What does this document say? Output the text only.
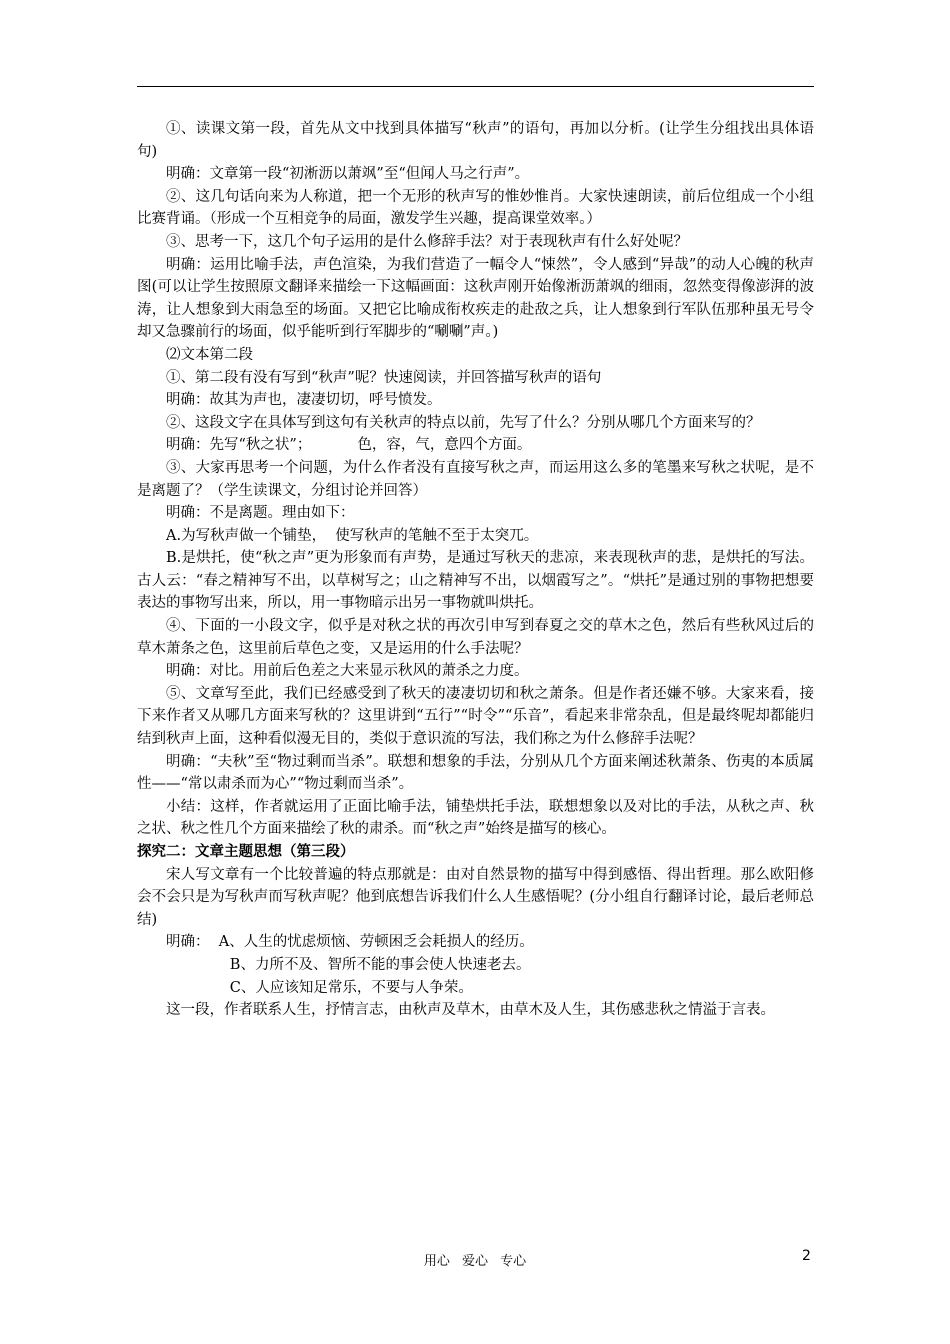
①、读课文第一段，首先从文中找到具体描写“秋声”的语句，再加以分析。(让学生分组找出具体语句)

明确：文章第一段“初淅沥以萧飒”至“但闻人马之行声”。

②、这几句话向来为人称道，把一个无形的秋声写的惟妙惟肖。大家快速朗读，前后位组成一个小组比赛背诵。（形成一个互相竞争的局面，激发学生兴趣，提高课堂效率。）

③、思考一下，这几个句子运用的是什么修辞手法？对于表现秋声有什么好处呢？

明确：运用比喻手法，声色渲染，为我们营造了一幅令人“悚然”，令人感到“异哉”的动人心魄的秋声图(可以让学生按照原文翻译来描绘一下这幅画面：这秋声刚开始像淅沥萧飒的细雨，忽然变得像澎湃的波涛，让人想象到大雨急至的场面。又把它比喻成衔枚疾走的赴敌之兵，让人想象到行军队伍那种虽无号令却又急骤前行的场面，似乎能听到行军脚步的“唰唰”声。)

⑵文本第二段

①、第二段有没有写到“秋声”呢？快速阅读，并回答描写秋声的语句

明确：故其为声也，凄凄切切，呼号愤发。

②、这段文字在具体写到这句有关秋声的特点以前，先写了什么？分别从哪几个方面来写的？

明确：先写“秋之状”；          色，容，气，意四个方面。

③、大家再思考一个问题，为什么作者没有直接写秋之声，而运用这么多的笔墨来写秋之状呢，是不是离题了？（学生读课文，分组讨论并回答）

明确：不是离题。理由如下：

A.为写秋声做一个铺垫，  使写秋声的笔触不至于太突兀。

B.是烘托，使“秋之声”更为形象而有声势，是通过写秋天的悲凉，来表现秋声的悲，是烘托的写法。古人云：“春之精神写不出，以草树写之；山之精神写不出，以烟霞写之”。“烘托”是通过别的事物把想要表达的事物写出来，所以，用一事物暗示出另一事物就叫烘托。

④、下面的一小段文字，似乎是对秋之状的再次引申写到春夏之交的草木之色，然后有些秋风过后的草木萧条之色，这里前后草色之变，又是运用的什么手法呢？

明确：对比。用前后色差之大来显示秋风的萧杀之力度。

⑤、文章写至此，我们已经感受到了秋天的凄凄切切和秋之萧条。但是作者还嫌不够。大家来看，接下来作者又从哪几方面来写秋的？这里讲到“五行”“时令”“乐音”，看起来非常杂乱，但是最终呢却都能归结到秋声上面，这种看似漫无目的，类似于意识流的写法，我们称之为什么修辞手法呢？

明确：“夫秋”至“物过剩而当杀”。联想和想象的手法，分别从几个方面来阐述秋萧条、伤夷的本质属性——“常以肃杀而为心”“物过剩而当杀”。

小结：这样，作者就运用了正面比喻手法，铺垫烘托手法，联想想象以及对比的手法，从秋之声、秋之状、秋之性几个方面来描绘了秋的肃杀。而“秋之声”始终是描写的核心。

探究二：文章主题思想（第三段）

宋人写文章有一个比较普遍的特点那就是：由对自然景物的描写中得到感悟、得出哲理。那么欧阳修会不会只是为写秋声而写秋声呢？他到底想告诉我们什么人生感悟呢？(分小组自行翻译讨论，最后老师总结)

明确：  A、人生的忧虑烦恼、劳顿困乏会耗损人的经历。

B、力所不及、智所不能的事会使人快速老去。

C、人应该知足常乐，不要与人争荣。

这一段，作者联系人生，抒情言志，由秋声及草木，由草木及人生，其伤感悲秋之情溢于言表。

用心 爱心 专心	2
